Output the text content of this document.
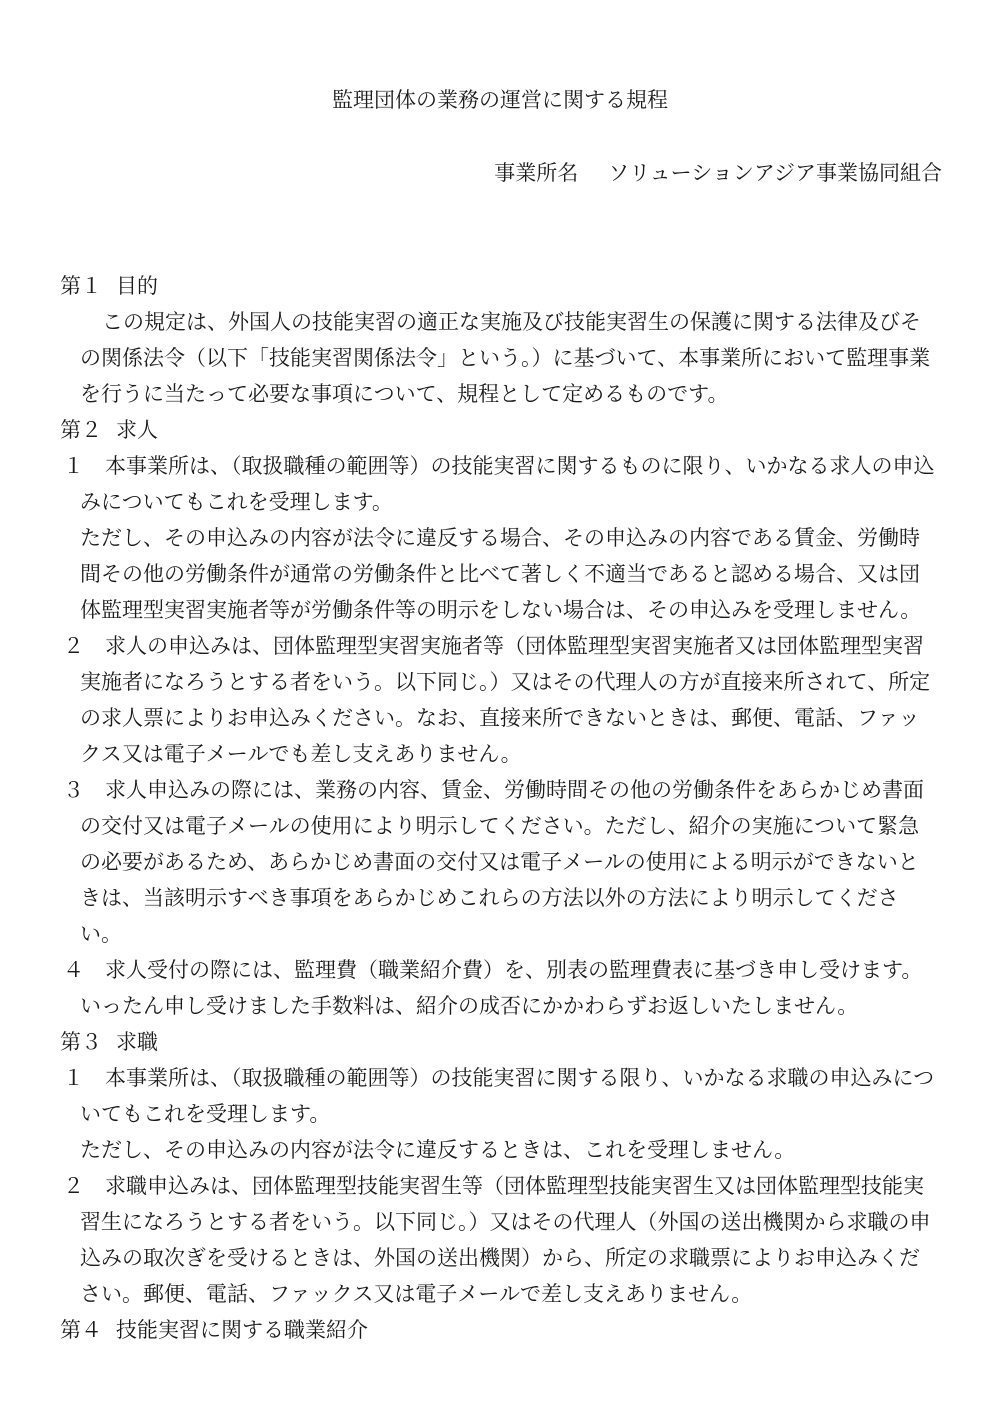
監理団体の業務の運営に関する規程
事業所名 ソリューションアジア事業協同組合

第１ 目的

この規定は、外国人の技能実習の適正な実施及び技能実習生の保護に関する法律及びその関係法令（以下「技能実習関係法令」という。）に基づいて、本事業所において監理事業を行うに当たって必要な事項について、規程として定めるものです。

第２ 求人

１ 本事業所は、（取扱職種の範囲等）の技能実習に関するものに限り、いかなる求人の申込みについてもこれを受理します。

ただし、その申込みの内容が法令に違反する場合、その申込みの内容である賃金、労働時間その他の労働条件が通常の労働条件と比べて著しく不適当であると認める場合、又は団体監理型実習実施者等が労働条件等の明示をしない場合は、その申込みを受理しません。

２ 求人の申込みは、団体監理型実習実施者等（団体監理型実習実施者又は団体監理型実習実施者になろうとする者をいう。以下同じ。）又はその代理人の方が直接来所されて、所定の求人票によりお申込みください。なお、直接来所できないときは、郵便、電話、ファックス又は電子メールでも差し支えありません。

３ 求人申込みの際には、業務の内容、賃金、労働時間その他の労働条件をあらかじめ書面の交付又は電子メールの使用により明示してください。ただし、紹介の実施について緊急の必要があるため、あらかじめ書面の交付又は電子メールの使用による明示ができないときは、当該明示すべき事項をあらかじめこれらの方法以外の方法により明示してください。

４ 求人受付の際には、監理費（職業紹介費）を、別表の監理費表に基づき申し受けます。いったん申し受けました手数料は、紹介の成否にかかわらずお返しいたしません。

第３ 求職

１ 本事業所は、（取扱職種の範囲等）の技能実習に関する限り、いかなる求職の申込みについてもこれを受理します。

ただし、その申込みの内容が法令に違反するときは、これを受理しません。

２ 求職申込みは、団体監理型技能実習生等（団体監理型技能実習生又は団体監理型技能実習生になろうとする者をいう。以下同じ。）又はその代理人（外国の送出機関から求職の申込みの取次ぎを受けるときは、外国の送出機関）から、所定の求職票によりお申込みください。郵便、電話、ファックス又は電子メールで差し支えありません。

第４ 技能実習に関する職業紹介
